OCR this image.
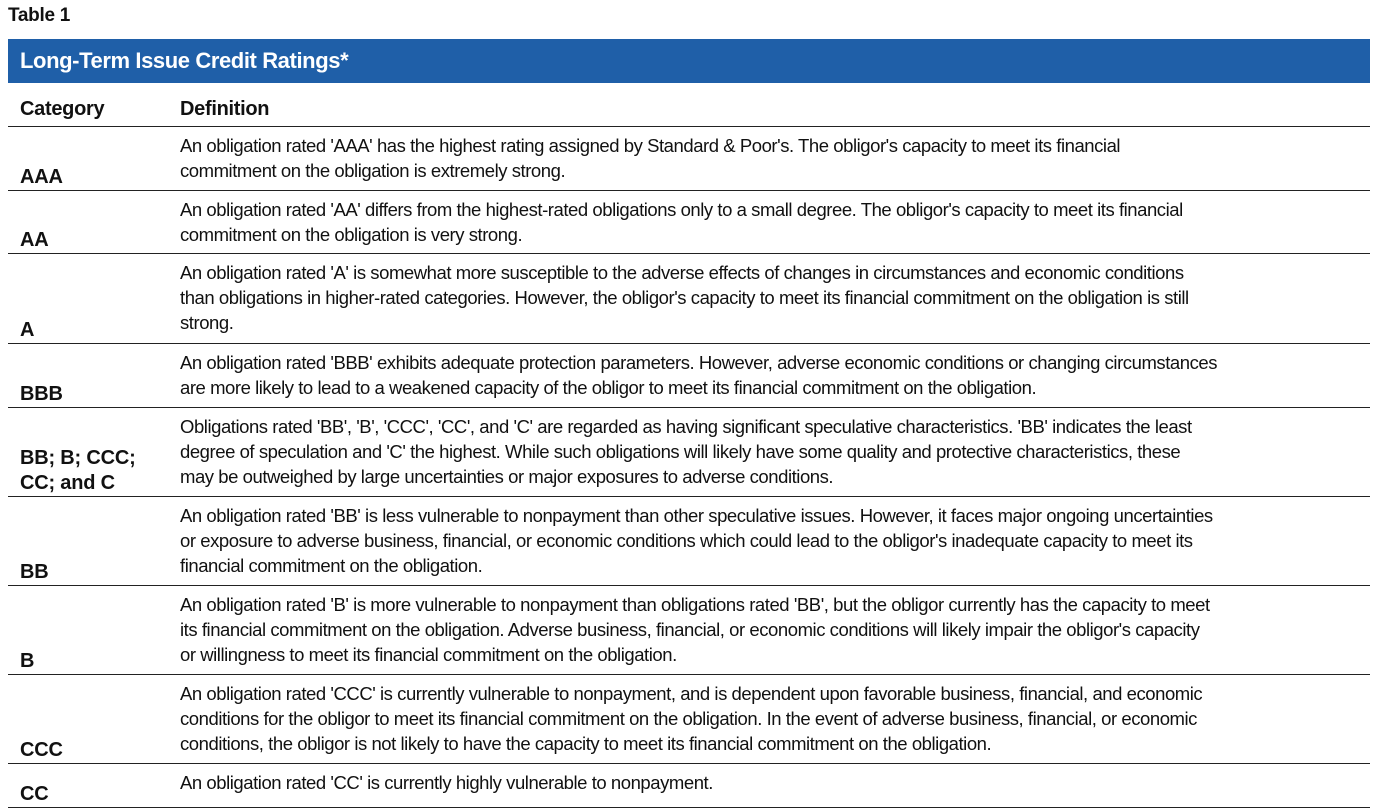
Table 1
Long-Term Issue Credit Ratings*
Category	Definition
An obligation rated 'AAA' has the highest rating assigned by Standard & Poor's. The obligor's capacity to meet its financial
commitment on the obligation is extremely strong.
AAA
An obligation rated 'AA' differs from the highest-rated obligations only to a small degree. The obligor's capacity to meet its financial
commitment on the obligation is very strong.
AA
An obligation rated 'A' is somewhat more susceptible to the adverse effects of changes in circumstances and economic conditions
than obligations in higher-rated categories. However, the obligor's capacity to meet its financial commitment on the obligation is still
strong.
A
An obligation rated 'BBB' exhibits adequate protection parameters. However, adverse economic conditions or changing circumstances
are more likely to lead to a weakened capacity of the obligor to meet its financial commitment on the obligation.
BBB
Obligations rated 'BB', 'B', 'CCC', 'CC', and 'C' are regarded as having significant speculative characteristics. 'BB' indicates the least
degree of speculation and 'C' the highest. While such obligations will likely have some quality and protective characteristics, these
may be outweighed by large uncertainties or major exposures to adverse conditions.
BB; B; CCC;
CC; and C
An obligation rated 'BB' is less vulnerable to nonpayment than other speculative issues. However, it faces major ongoing uncertainties
or exposure to adverse business, financial, or economic conditions which could lead to the obligor's inadequate capacity to meet its
financial commitment on the obligation.
BB
An obligation rated 'B' is more vulnerable to nonpayment than obligations rated 'BB', but the obligor currently has the capacity to meet
its financial commitment on the obligation. Adverse business, financial, or economic conditions will likely impair the obligor's capacity
or willingness to meet its financial commitment on the obligation.
B
An obligation rated 'CCC' is currently vulnerable to nonpayment, and is dependent upon favorable business, financial, and economic
conditions for the obligor to meet its financial commitment on the obligation. In the event of adverse business, financial, or economic
conditions, the obligor is not likely to have the capacity to meet its financial commitment on the obligation.
CCC
An obligation rated 'CC' is currently highly vulnerable to nonpayment.
CC
